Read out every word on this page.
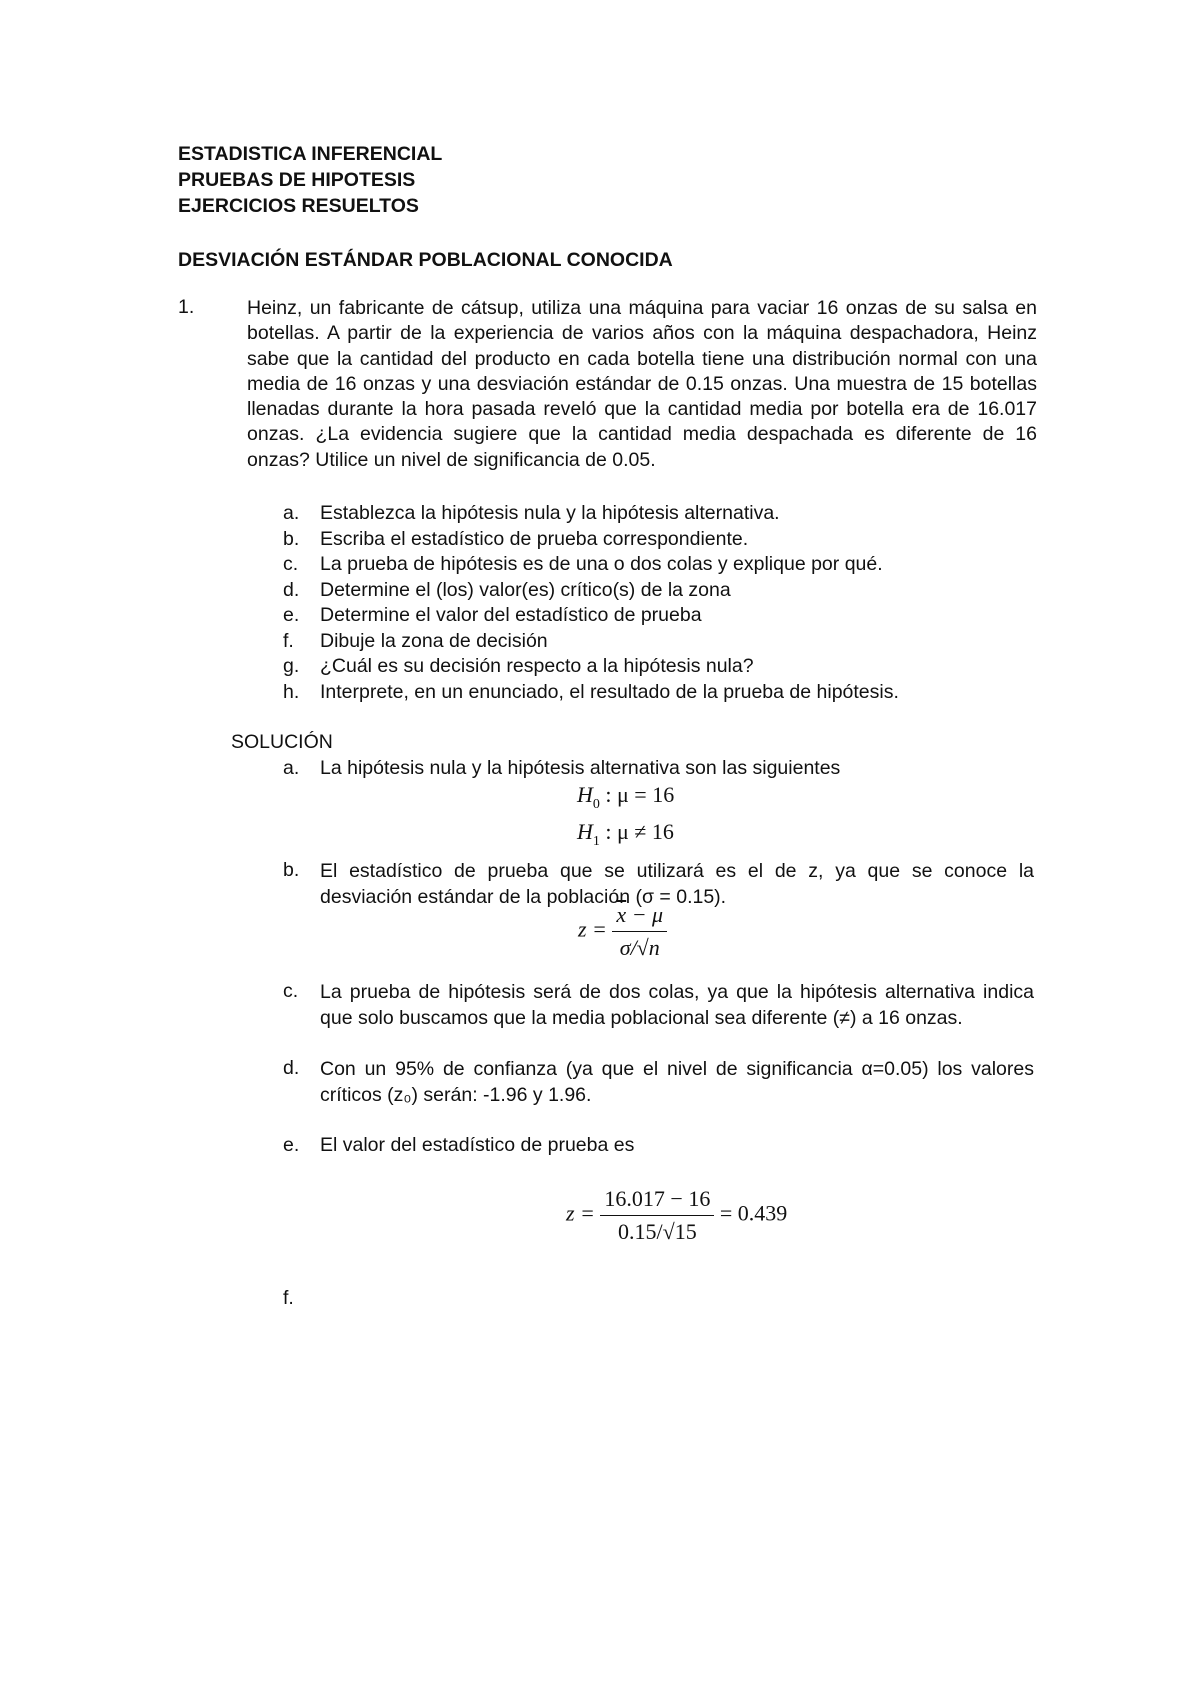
ESTADISTICA INFERENCIAL
PRUEBAS DE HIPOTESIS
EJERCICIOS RESUELTOS
DESVIACIÓN ESTÁNDAR POBLACIONAL CONOCIDA
1.	Heinz, un fabricante de cátsup, utiliza una máquina para vaciar 16 onzas de su salsa en botellas. A partir de la experiencia de varios años con la máquina despachadora, Heinz sabe que la cantidad del producto en cada botella tiene una distribución normal con una media de 16 onzas y una desviación estándar de 0.15 onzas. Una muestra de 15 botellas llenadas durante la hora pasada reveló que la cantidad media por botella era de 16.017 onzas. ¿La evidencia sugiere que la cantidad media despachada es diferente de 16 onzas? Utilice un nivel de significancia de 0.05.
a. Establezca la hipótesis nula y la hipótesis alternativa.
b. Escriba el estadístico de prueba correspondiente.
c. La prueba de hipótesis es de una o dos colas y explique por qué.
d. Determine el (los) valor(es) crítico(s) de la zona
e. Determine el valor del estadístico de prueba
f. Dibuje la zona de decisión
g. ¿Cuál es su decisión respecto a la hipótesis nula?
h. Interprete, en un enunciado, el resultado de la prueba de hipótesis.
SOLUCIÓN
a. La hipótesis nula y la hipótesis alternativa son las siguientes
$H_0$ : μ = 16
$H_1$ : μ ≠ 16
b. El estadístico de prueba que se utilizará es el de z, ya que se conoce la desviación estándar de la población (σ = 0.15).
$z = \frac{\overline{x} - \mu}{\sigma/√n}$
c. La prueba de hipótesis será de dos colas, ya que la hipótesis alternativa indica que solo buscamos que la media poblacional sea diferente (≠) a 16 onzas.
d. Con un 95% de confianza (ya que el nivel de significancia α=0.05) los valores críticos (z₀) serán: -1.96 y 1.96.
e. El valor del estadístico de prueba es
$z = \frac{16.017 - 16}{0.15/√15} = 0.439$
f.
